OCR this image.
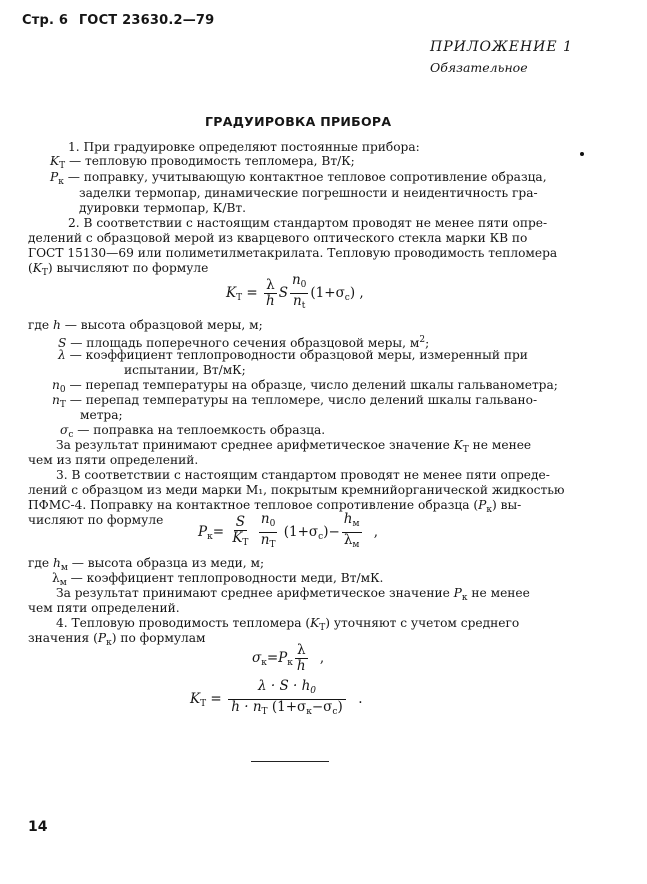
Стр. 6 ГОСТ 23630.2—79
ПРИЛОЖЕНИЕ 1
Обязательное
ГРАДУИРОВКА ПРИБОРА
1. При градуировке определяют постоянные прибора:
$K_Т$ — тепловую проводимость тепломера, Вт/К;
$P_к$ — поправку, учитывающую контактное тепловое сопротивление образца,
заделки термопар, динамические погрешности и неидентичность гра-
дуировки термопар, К/Вт.
2. В соответствии с настоящим стандартом проводят не менее пяти опре-
делений с образцовой мерой из кварцевого оптического стекла марки КВ по
ГОСТ 15130—69 или полиметилметакрилата. Тепловую проводимость тепломера
$(K_Т)$ вычисляют по формуле
$K_Т = \frac{\lambda}{h}$ S $\frac{n_0}{n_t} (1+\sigma_c)$ ,
где h — высота образцовой меры, м;
S — площадь поперечного сечения образцовой меры, $м^2$;
λ — коэффициент теплопроводности образцовой меры, измеренный при
испытании, Вт/мК;
$n_0$ — перепад температуры на образце, число делений шкалы гальванометра;
$n_Т$ — перепад температуры на тепломере, число делений шкалы гальвано-
метра;
$\sigma_c$ — поправка на теплоемкость образца.
За результат принимают среднее арифметическое значение $K_Т$ не менее
чем из пяти определений.
3. В соответствии с настоящим стандартом проводят не менее пяти опреде-
лений с образцом из меди марки M₁, покрытым кремнийорганической жидкостью
ПФМС-4. Поправку на контактное тепловое сопротивление образца $(P_к)$ вы-
числяют по формуле
$P_к= \frac{S}{K_Т}$
$\frac{n_0}{n_Т} (1+\sigma_c)- \frac{h_м}{\lambda_м}$ ,
где $h_м$ — высота образца из меди, м;
$\lambda_м$ — коэффициент теплопроводности меди, Вт/мК.
За результат принимают среднее арифметическое значение $P_к$ не менее
чем пяти определений.
4. Тепловую проводимость тепломера $(K_Т)$ уточняют с учетом среднего
значения $(P_к)$ по формулам
$\sigma_к=P_к \frac{\lambda}{h}$ ,
$K_Т = \frac{\lambda \cdot S \cdot h_0}{h \cdot n_Т (1+\sigma_к-\sigma_c)}$ .
14
